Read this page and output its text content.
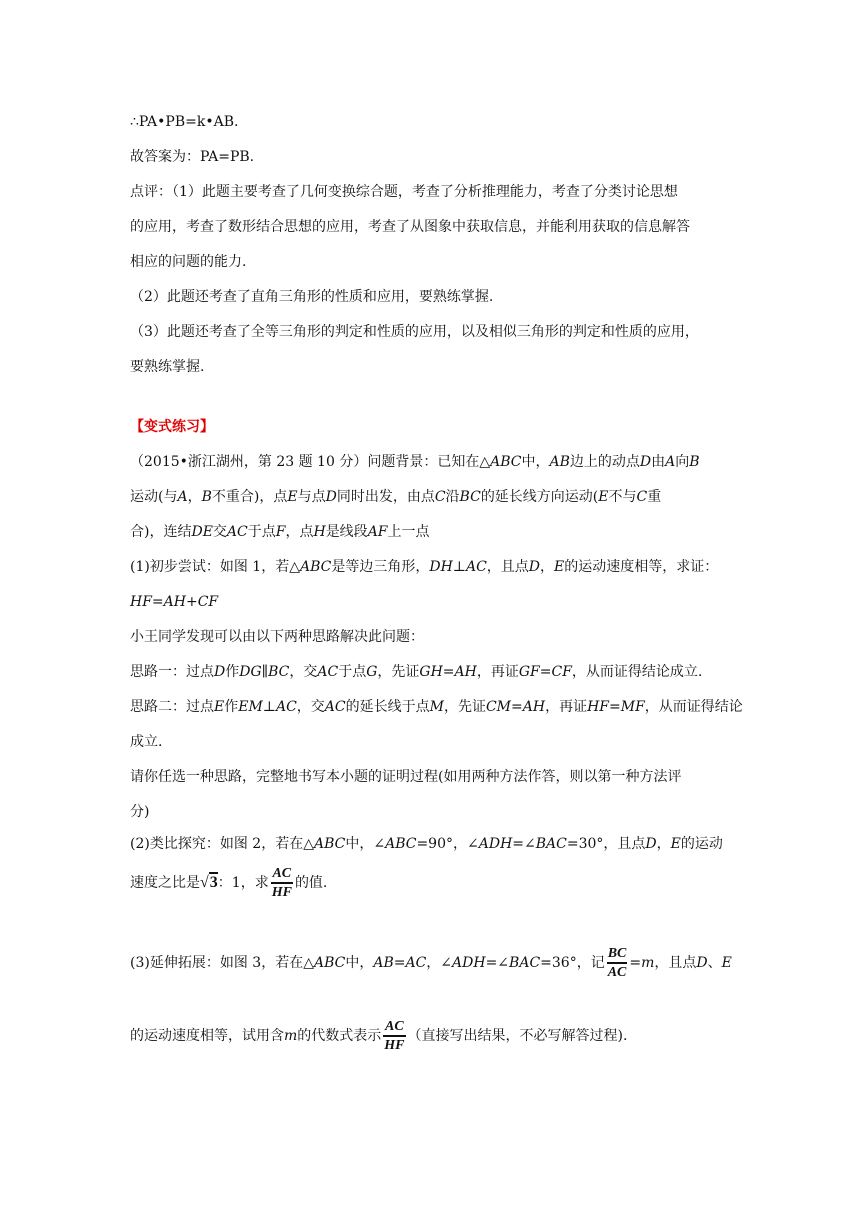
∴PA•PB=k•AB.
故答案为：PA=PB.
点评：（1）此题主要考查了几何变换综合题，考查了分析推理能力，考查了分类讨论思想
的应用，考查了数形结合思想的应用，考查了从图象中获取信息，并能利用获取的信息解答
相应的问题的能力.
（2）此题还考查了直角三角形的性质和应用，要熟练掌握.
（3）此题还考查了全等三角形的判定和性质的应用，以及相似三角形的判定和性质的应用，
要熟练掌握.
【变式练习】
（2015•浙江湖州，第 23 题 10 分）问题背景：已知在△ABC中，AB边上的动点D由A向B
运动(与A，B不重合)，点E与点D同时出发，由点C沿BC的延长线方向运动(E不与C重
合)，连结DE交AC于点F，点H是线段AF上一点
(1)初步尝试：如图 1，若△ABC是等边三角形，DH⊥AC，且点D，E的运动速度相等，求证：
HF=AH+CF
小王同学发现可以由以下两种思路解决此问题：
思路一：过点D作DG∥BC，交AC于点G，先证GH=AH，再证GF=CF，从而证得结论成立.
思路二：过点E作EM⊥AC，交AC的延长线于点M，先证CM=AH，再证HF=MF，从而证得结论
成立.
请你任选一种思路，完整地书写本小题的证明过程(如用两种方法作答，则以第一种方法评
分)
(2)类比探究：如图 2，若在△ABC中，∠ABC=90°，∠ADH=∠BAC=30°，且点D，E的运动
速度之比是√3：1，求 $\frac{AC}{HF}$ 的值.
(3)延伸拓展：如图 3，若在△ABC中，AB=AC，∠ADH=∠BAC=36°，记 $\frac{BC}{AC} =m$，且点D、E
的运动速度相等，试用含m的代数式表示 $\frac{AC}{HF}$ （直接写出结果，不必写解答过程).
